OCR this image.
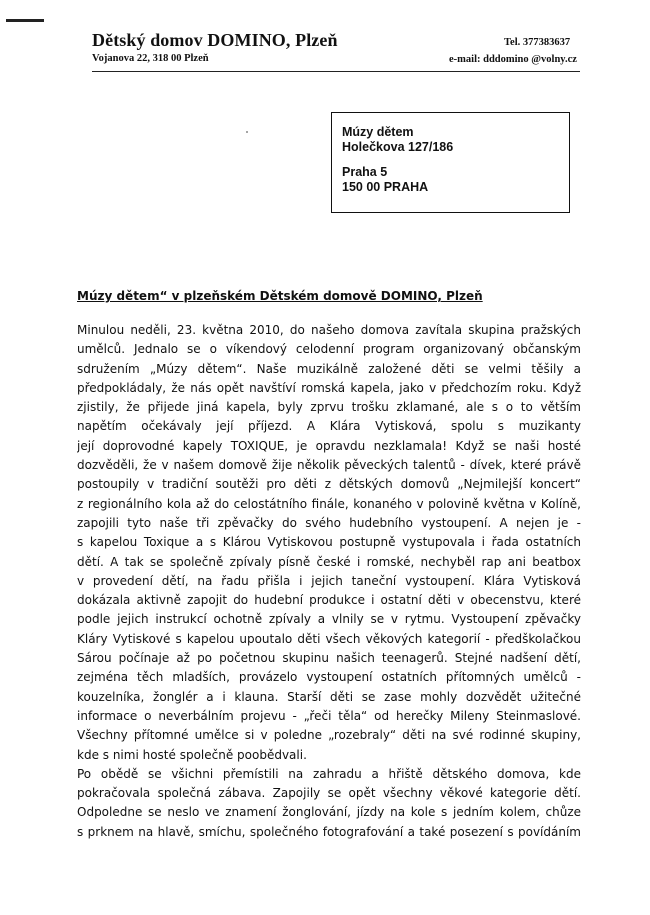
Dětský domov DOMINO, Plzeň
Vojanova 22, 318 00 Plzeň
Tel. 377383637
e-mail: dddomino @volny.cz
Múzy dětem
Holečkova 127/186
Praha 5
150 00 PRAHA
Múzy dětem“ v plzeňském Dětském domově DOMINO, Plzeň
Minulou neděli, 23. května 2010, do našeho domova zavítala skupina pražských
umělců. Jednalo se o víkendový celodenní program organizovaný občanským
sdružením „Múzy dětem“. Naše muzikálně založené děti se velmi těšily a
předpokládaly, že nás opět navštíví romská kapela, jako v předchozím roku. Když
zjistily, že přijede jiná kapela, byly zprvu trošku zklamané, ale s o to větším
napětím očekávaly její příjezd. A Klára Vytisková, spolu s muzikanty
její doprovodné kapely TOXIQUE, je opravdu nezklamala! Když se naši hosté
dozvěděli, že v našem domově žije několik pěveckých talentů - dívek, které právě
postoupily v tradiční soutěži pro děti z dětských domovů „Nejmilejší koncert“
z regionálního kola až do celostátního finále, konaného v polovině května v Kolíně,
zapojili tyto naše tři zpěvačky do svého hudebního vystoupení. A nejen je -
s kapelou Toxique a s Klárou Vytiskovou postupně vystupovala i řada ostatních
dětí. A tak se společně zpívaly písně české i romské, nechyběl rap ani beatbox
v provedení dětí, na řadu přišla i jejich taneční vystoupení. Klára Vytisková
dokázala aktivně zapojit do hudební produkce i ostatní děti v obecenstvu, které
podle jejich instrukcí ochotně zpívaly a vlnily se v rytmu. Vystoupení zpěvačky
Kláry Vytiskové s kapelou upoutalo děti všech věkových kategorií - předškolačkou
Sárou počínaje až po početnou skupinu našich teenagerů. Stejné nadšení dětí,
zejména těch mladších, provázelo vystoupení ostatních přítomných umělců -
kouzelníka, žonglér a i klauna. Starší děti se zase mohly dozvědět užitečné
informace o neverbálním projevu - „řeči těla“ od herečky Mileny Steinmaslové.
Všechny přítomné umělce si v poledne „rozebraly“ děti na své rodinné skupiny,
kde s nimi hosté společně poobědvali.
Po obědě se všichni přemístili na zahradu a hřiště dětského domova, kde
pokračovala společná zábava. Zapojily se opět všechny věkové kategorie dětí.
Odpoledne se neslo ve znamení žonglování, jízdy na kole s jedním kolem, chůze
s prknem na hlavě, smíchu, společného fotografování a také posezení s povídáním
